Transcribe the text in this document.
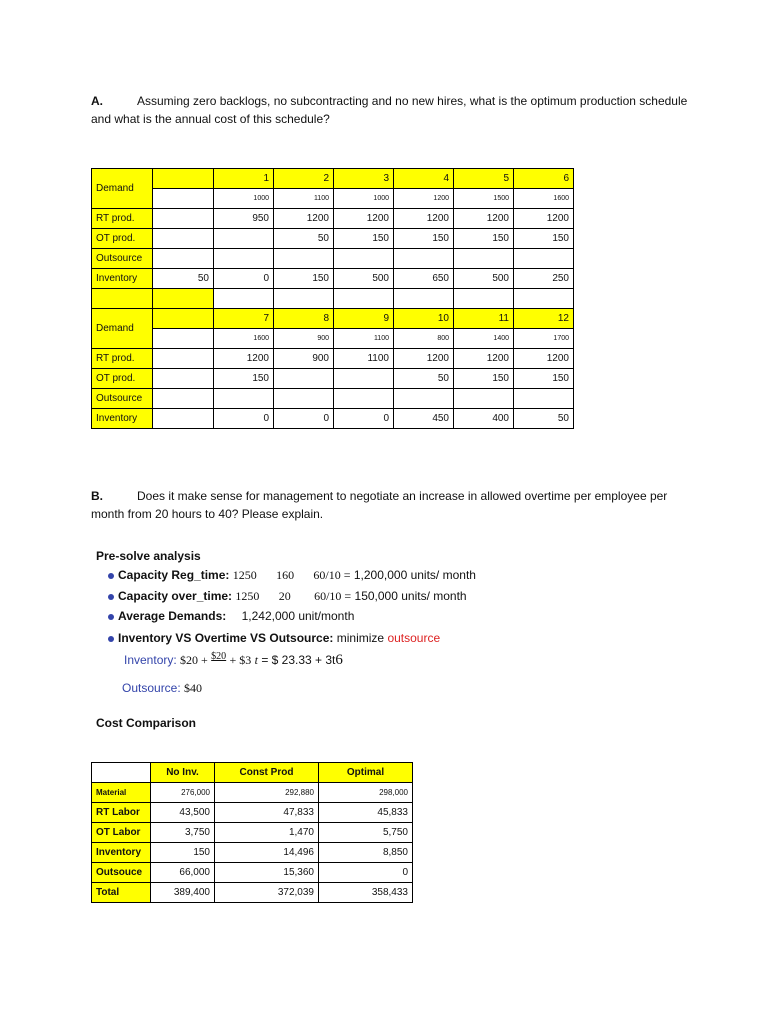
A.	Assuming zero backlogs, no subcontracting and no new hires, what is the optimum production schedule and what is the annual cost of this schedule?
Demand		1	2	3	4	5	6
		1000	1100	1000	1200	1500	1600
RT prod.		950	1200	1200	1200	1200	1200
OT prod.			50	150	150	150	150
Outsource							
Inventory	50	0	150	500	650	500	250

Demand		7	8	9	10	11	12
		1600	900	1100	800	1400	1700
RT prod.		1200	900	1100	1200	1200	1200
OT prod.		150			50	150	150
Outsource							
Inventory		0	0	0	450	400	50
B.	Does it make sense for management to negotiate an increase in allowed overtime per employee per month from 20 hours to 40? Please explain.
Pre-solve analysis
Capacity Reg_time: 1250 160 60/10 = 1,200,000 units/ month
Capacity over_time: 1250 20 60/10 = 150,000 units/ month
Average Demands: 1,242,000 unit/month
Inventory VS Overtime VS Outsource: minimize outsource
Inventory: $20 + $^{\$20}$ + $3 t = $ 23.33 + 3t6
Outsource: $40
Cost Comparison
	No Inv.	Const Prod	Optimal
Material	276,000	292,880	298,000
RT Labor	43,500	47,833	45,833
OT Labor	3,750	1,470	5,750
Inventory	150	14,496	8,850
Outsouce	66,000	15,360	0
Total	389,400	372,039	358,433
